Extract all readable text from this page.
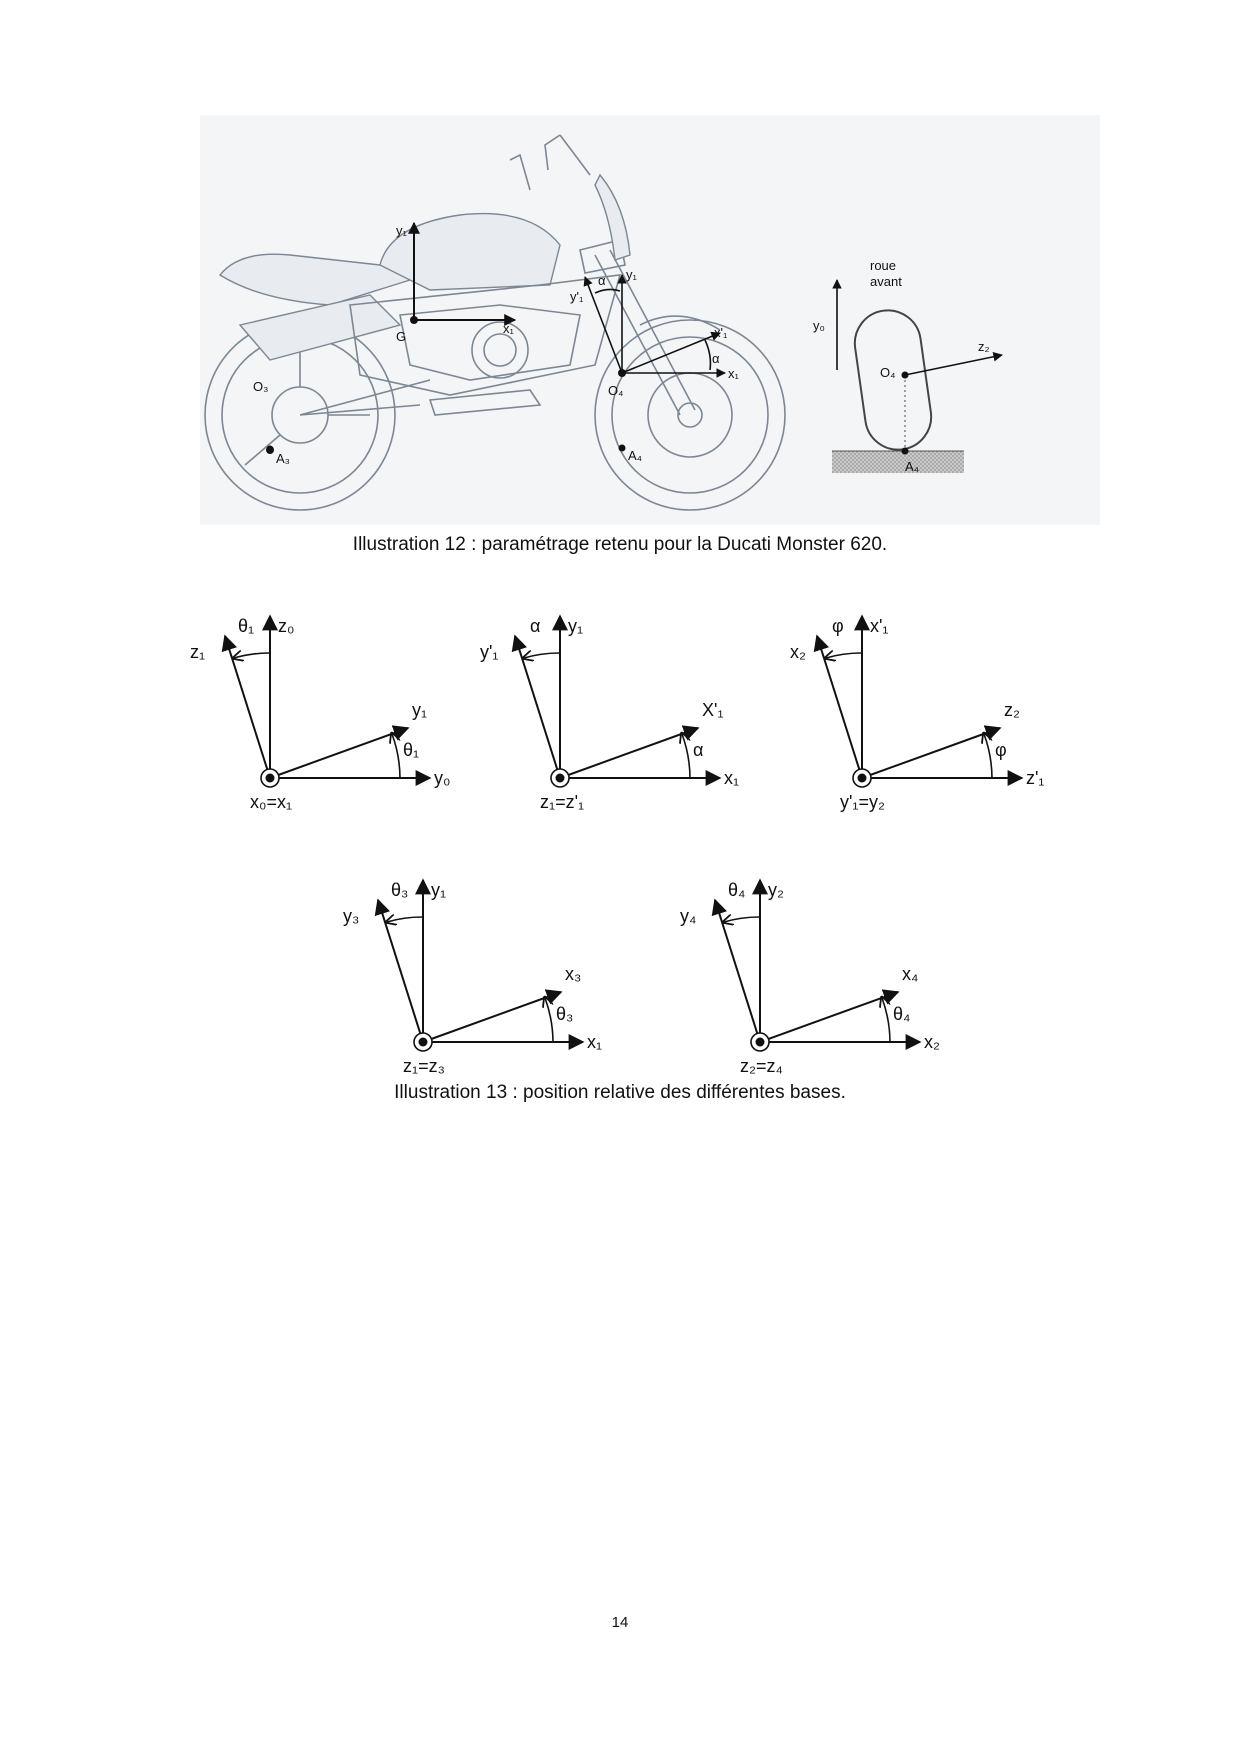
y₁
G
x₁
O₃
A₃
α
y'₁
y₁
x'₁
α
x₁
O₄
A₄
roue
avant
y₀
z₂
O₄
A₄
Illustration 12 : paramétrage retenu pour la Ducati Monster 620.
z₀
z₁
y₀
y₁
θ₁
θ₁
x₀=x₁
y₁
y'₁
x₁
X'₁
α
α
z₁=z'₁
x'₁
x₂
z'₁
z₂
φ
φ
y'₁=y₂
y₁
y₃
x₁
x₃
θ₃
θ₃
z₁=z₃
y₂
y₄
x₂
x₄
θ₄
θ₄
z₂=z₄
Illustration 13 : position relative des différentes bases.
14
